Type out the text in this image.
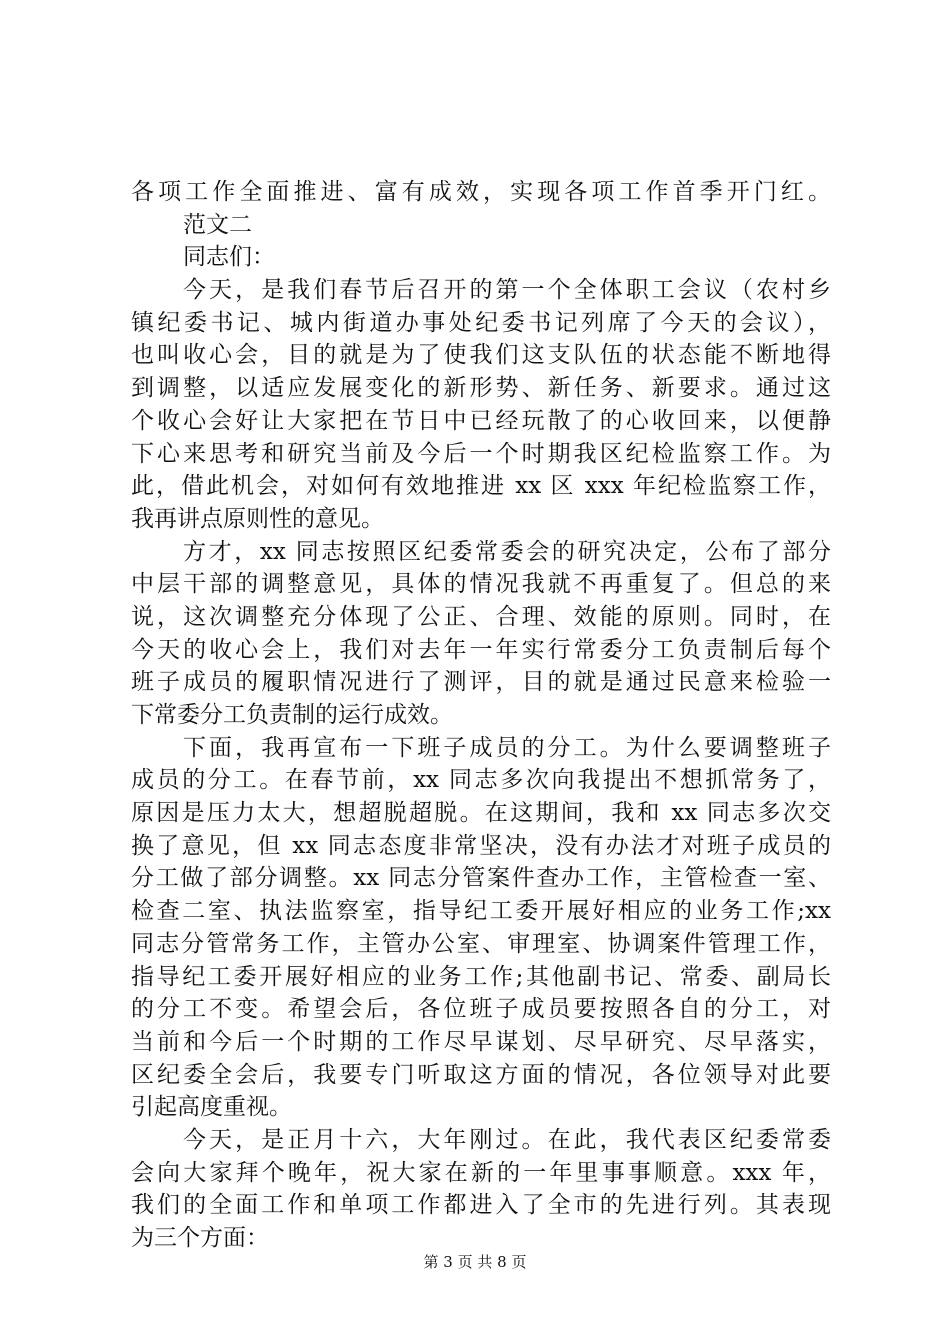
各项工作全面推进、富有成效，实现各项工作首季开门红。
范文二
同志们：
今天，是我们春节后召开的第一个全体职工会议（农村乡
镇纪委书记、城内街道办事处纪委书记列席了今天的会议），
也叫收心会，目的就是为了使我们这支队伍的状态能不断地得
到调整，以适应发展变化的新形势、新任务、新要求。通过这
个收心会好让大家把在节日中已经玩散了的心收回来，以便静
下心来思考和研究当前及今后一个时期我区纪检监察工作。为
此，借此机会，对如何有效地推进 xx 区 xxx 年纪检监察工作，
我再讲点原则性的意见。
方才，xx 同志按照区纪委常委会的研究决定，公布了部分
中层干部的调整意见，具体的情况我就不再重复了。但总的来
说，这次调整充分体现了公正、合理、效能的原则。同时，在
今天的收心会上，我们对去年一年实行常委分工负责制后每个
班子成员的履职情况进行了测评，目的就是通过民意来检验一
下常委分工负责制的运行成效。
下面，我再宣布一下班子成员的分工。为什么要调整班子
成员的分工。在春节前，xx 同志多次向我提出不想抓常务了，
原因是压力太大，想超脱超脱。在这期间，我和 xx 同志多次交
换了意见，但 xx 同志态度非常坚决，没有办法才对班子成员的
分工做了部分调整。xx 同志分管案件查办工作，主管检查一室、
检查二室、执法监察室，指导纪工委开展好相应的业务工作;xx
同志分管常务工作，主管办公室、审理室、协调案件管理工作，
指导纪工委开展好相应的业务工作;其他副书记、常委、副局长
的分工不变。希望会后，各位班子成员要按照各自的分工，对
当前和今后一个时期的工作尽早谋划、尽早研究、尽早落实，
区纪委全会后，我要专门听取这方面的情况，各位领导对此要
引起高度重视。
今天，是正月十六，大年刚过。在此，我代表区纪委常委
会向大家拜个晚年，祝大家在新的一年里事事顺意。xxx 年，
我们的全面工作和单项工作都进入了全市的先进行列。其表现
为三个方面：
第 3 页 共 8 页
